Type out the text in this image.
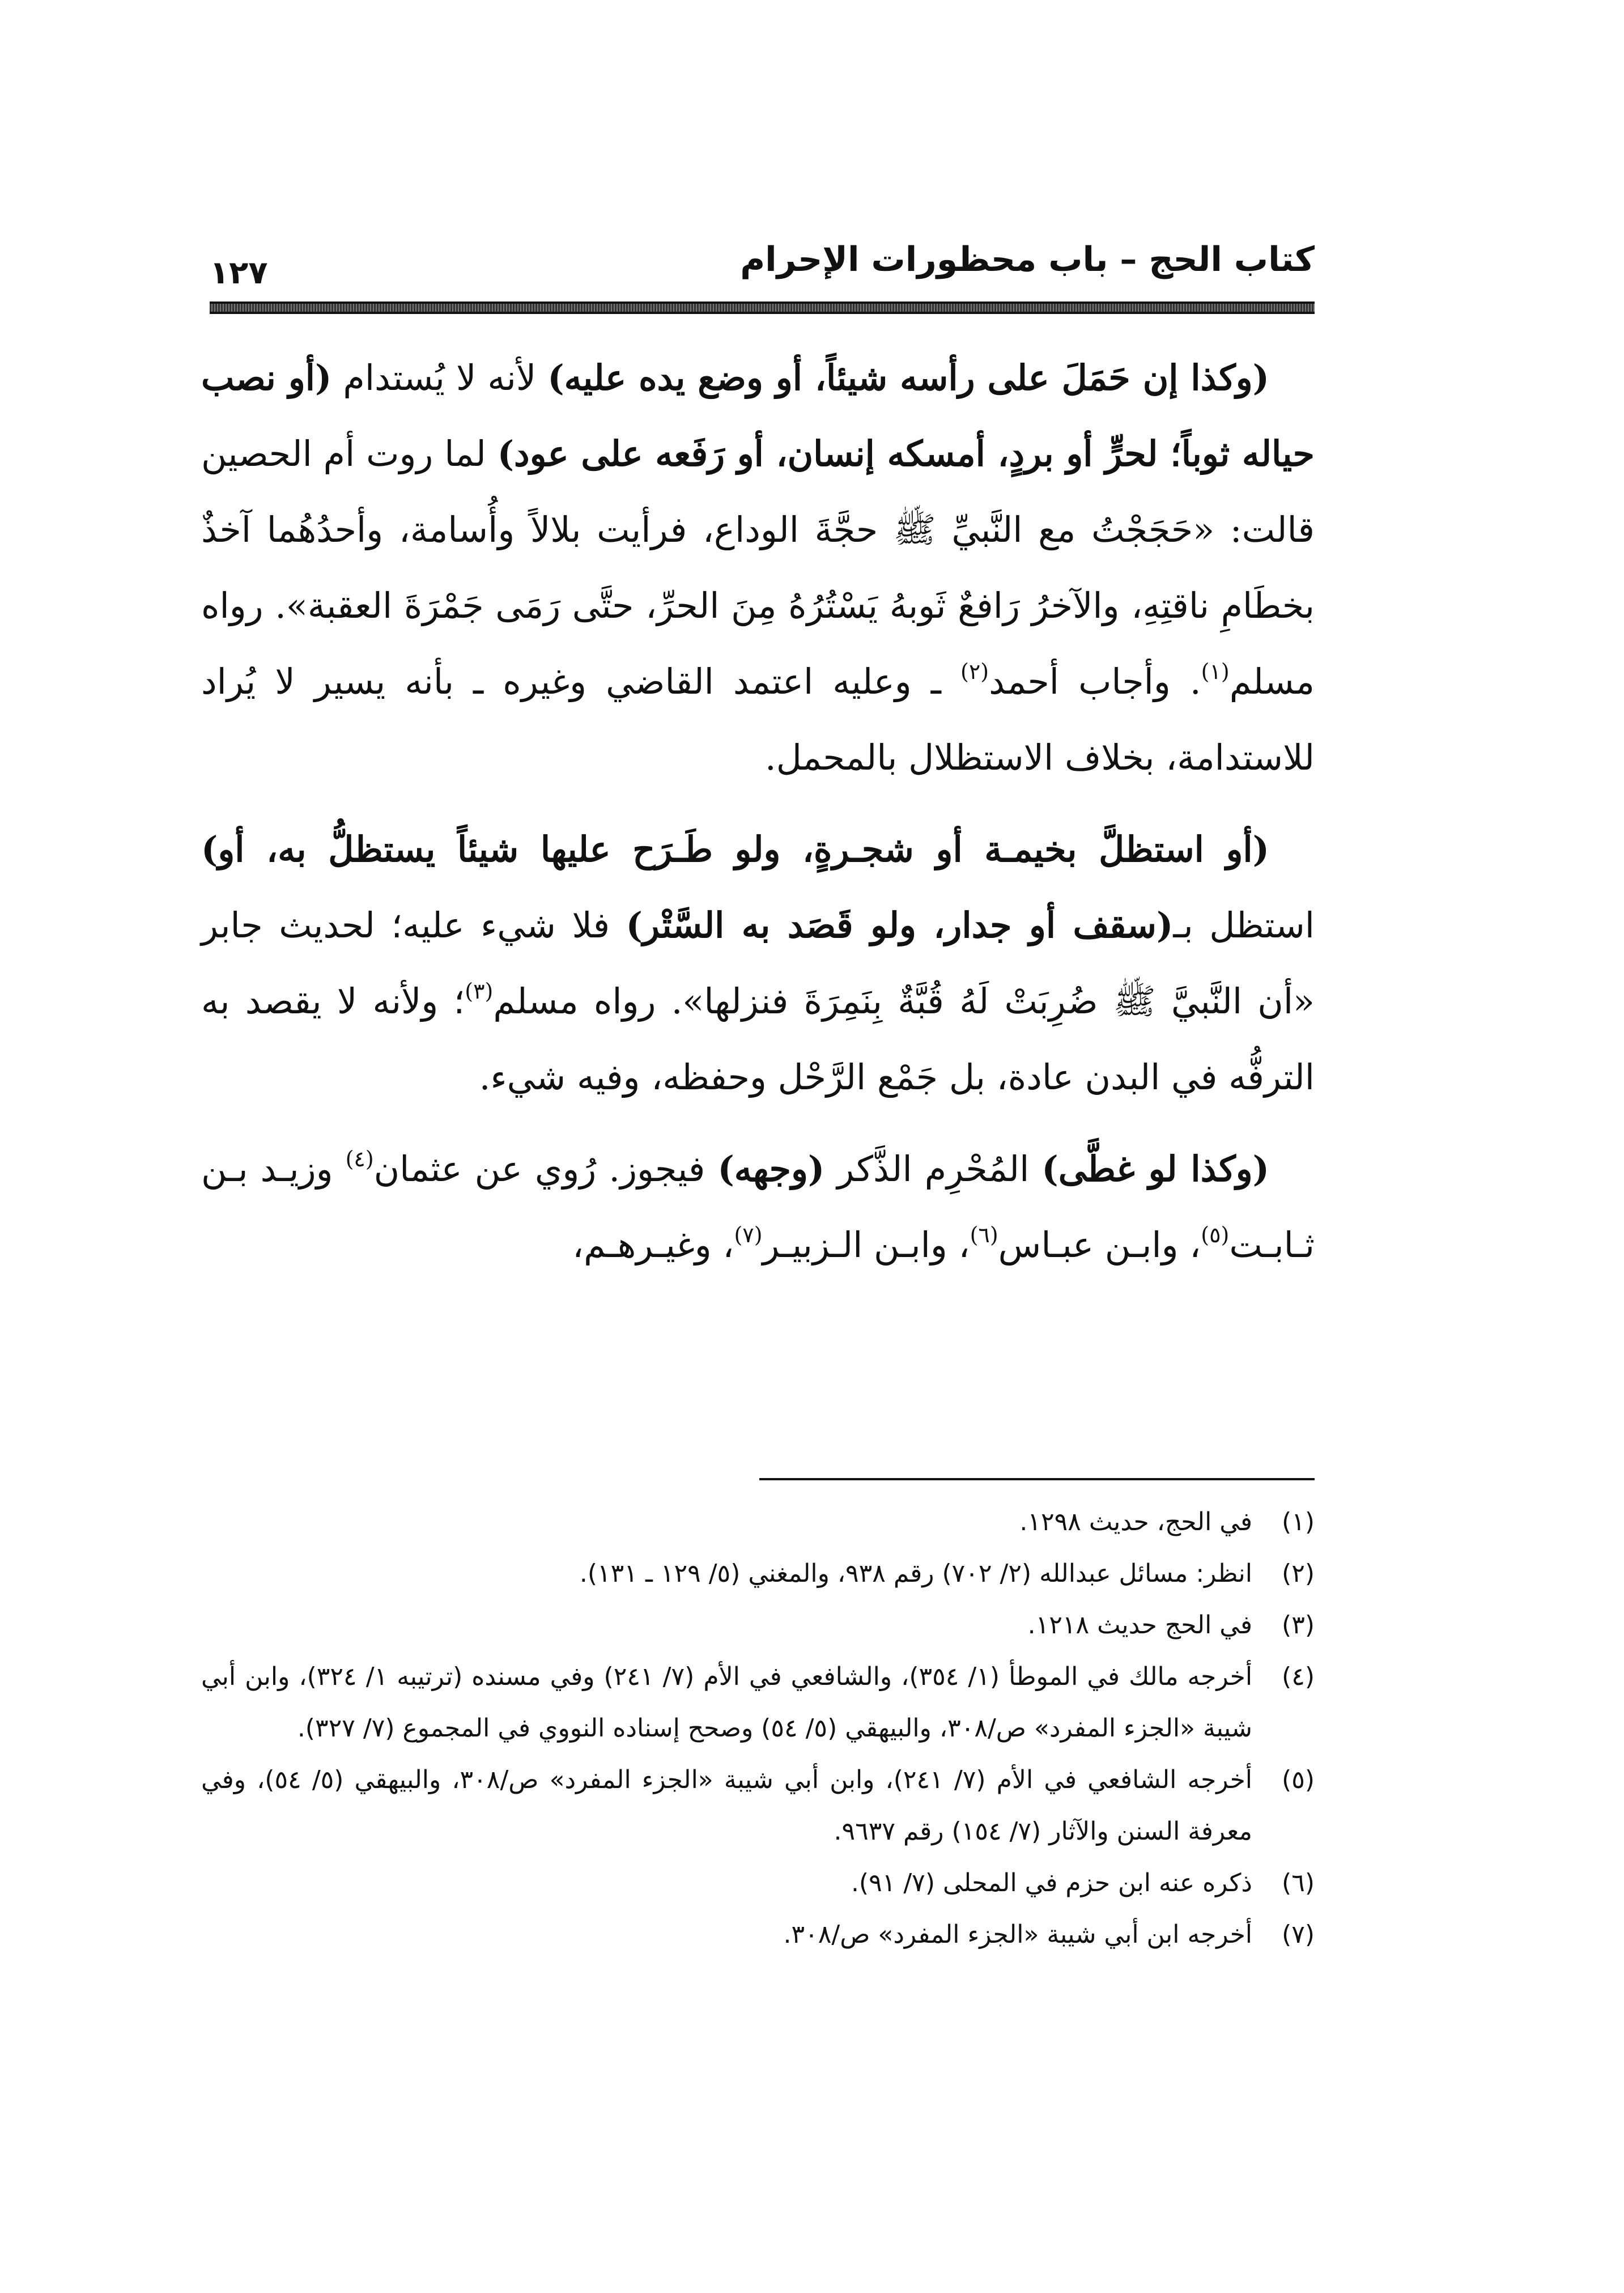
كتاب الحج – باب محظورات الإحرام
١٢٧

(وكذا إن حَمَلَ على رأسه شيئاً، أو وضع يده عليه) لأنه لا يُستدام (أو نصب حياله ثوباً؛ لحرٍّ أو بردٍ، أمسكه إنسان، أو رَفَعه على عود) لما روت أم الحصين قالت: «حَجَجْتُ مع النَّبيِّ ﷺ حجَّةَ الوداع، فرأيت بلالاً وأُسامة، وأحدُهُما آخذٌ بخطَامِ ناقتِهِ، والآخرُ رَافعٌ ثَوبهُ يَسْتُرُهُ مِنَ الحرِّ، حتَّى رَمَى جَمْرَةَ العقبة». رواه مسلم$^{(١)}$. وأجاب أحمد$^{(٢)}$ ـ وعليه اعتمد القاضي وغيره ـ بأنه يسير لا يُراد للاستدامة، بخلاف الاستظلال بالمحمل.

(أو استظلَّ بخيمـة أو شجـرةٍ، ولو طَـرَح عليها شيئاً يستظلُّ به، أو) استظل بـ(سقف أو جدار، ولو قَصَد به السَّتْر) فلا شيء عليه؛ لحديث جابر «أن النَّبيَّ ﷺ ضُرِبَتْ لَهُ قُبَّةٌ بِنَمِرَةَ فنزلها». رواه مسلم$^{(٣)}$؛ ولأنه لا يقصد به الترفُّه في البدن عادة، بل جَمْع الرَّحْل وحفظه، وفيه شيء.

(وكذا لو غطَّى) المُحْرِم الذَّكر (وجهه) فيجوز. رُوي عن عثمان$^{(٤)}$ وزيـد بـن ثـابـت$^{(٥)}$، وابـن عبـاس$^{(٦)}$، وابـن الـزبيـر$^{(٧)}$، وغيـرهـم،

(١)
في الحج، حديث ١٢٩٨.
(٢)
انظر: مسائل عبدالله (٢/ ٧٠٢) رقم ٩٣٨، والمغني (٥/ ١٢٩ ـ ١٣١).
(٣)
في الحج حديث ١٢١٨.
(٤)
أخرجه مالك في الموطأ (١/ ٣٥٤)، والشافعي في الأم (٧/ ٢٤١) وفي مسنده (ترتيبه ١/ ٣٢٤)، وابن أبي شيبة «الجزء المفرد» ص/٣٠٨، والبيهقي (٥/ ٥٤) وصحح إسناده النووي في المجموع (٧/ ٣٢٧).
(٥)
أخرجه الشافعي في الأم (٧/ ٢٤١)، وابن أبي شيبة «الجزء المفرد» ص/٣٠٨، والبيهقي (٥/ ٥٤)، وفي معرفة السنن والآثار (٧/ ١٥٤) رقم ٩٦٣٧.
(٦)
ذكره عنه ابن حزم في المحلى (٧/ ٩١).
(٧)
أخرجه ابن أبي شيبة «الجزء المفرد» ص/٣٠٨.
